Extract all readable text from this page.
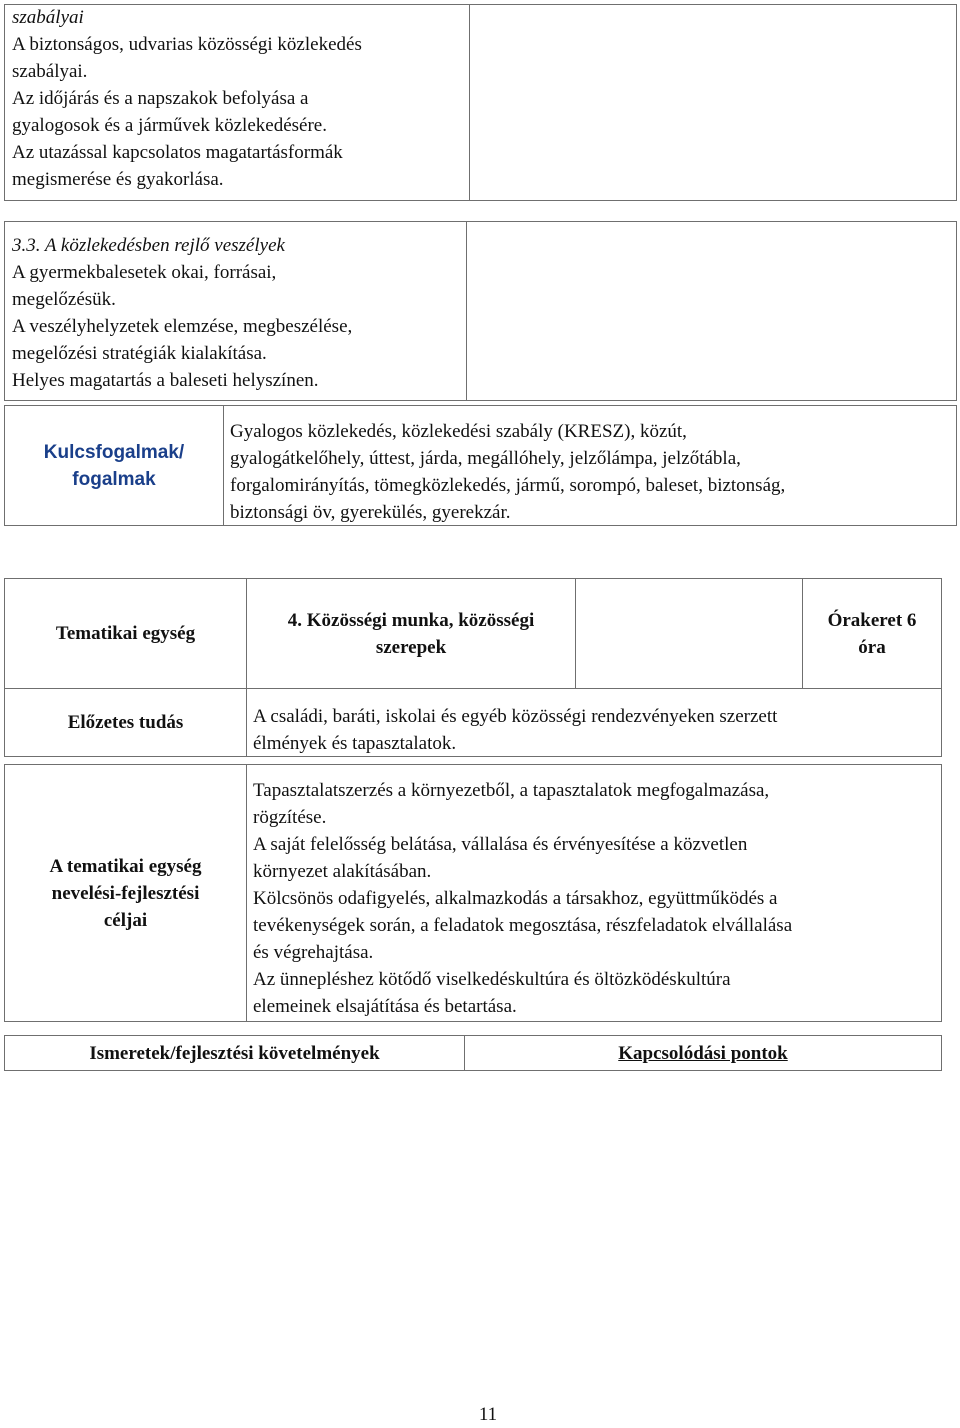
szabályai
A biztonságos, udvarias közösségi közlekedés
szabályai.
Az időjárás és a napszakok befolyása a
gyalogosok és a járművek közlekedésére.
Az utazással kapcsolatos magatartásformák
megismerése és gyakorlása.
3.3. A közlekedésben rejlő veszélyek
A gyermekbalesetek okai, forrásai,
megelőzésük.
A veszélyhelyzetek elemzése, megbeszélése,
megelőzési stratégiák kialakítása.
Helyes magatartás a baleseti helyszínen.
Kulcsfogalmak/
fogalmak
Gyalogos közlekedés, közlekedési szabály (KRESZ), közút,
gyalogátkelőhely, úttest, járda, megállóhely, jelzőlámpa, jelzőtábla,
forgalomirányítás, tömegközlekedés, jármű, sorompó, baleset, biztonság,
biztonsági öv, gyerekülés, gyerekzár.
Tematikai egység
4. Közösségi munka, közösségi
szerepek
Órakeret 6
óra
Előzetes tudás	A családi, baráti, iskolai és egyéb közösségi rendezvényeken szerzett
élmények és tapasztalatok.
A tematikai egység
nevelési-fejlesztési
céljai
Tapasztalatszerzés a környezetből, a tapasztalatok megfogalmazása,
rögzítése.
A saját felelősség belátása, vállalása és érvényesítése a közvetlen
környezet alakításában.
Kölcsönös odafigyelés, alkalmazkodás a társakhoz, együttműködés a
tevékenységek során, a feladatok megosztása, részfeladatok elvállalása
és végrehajtása.
Az ünnepléshez kötődő viselkedéskultúra és öltözködéskultúra
elemeinek elsajátítása és betartása.
Ismeretek/fejlesztési követelmények	Kapcsolódási pontok
11
